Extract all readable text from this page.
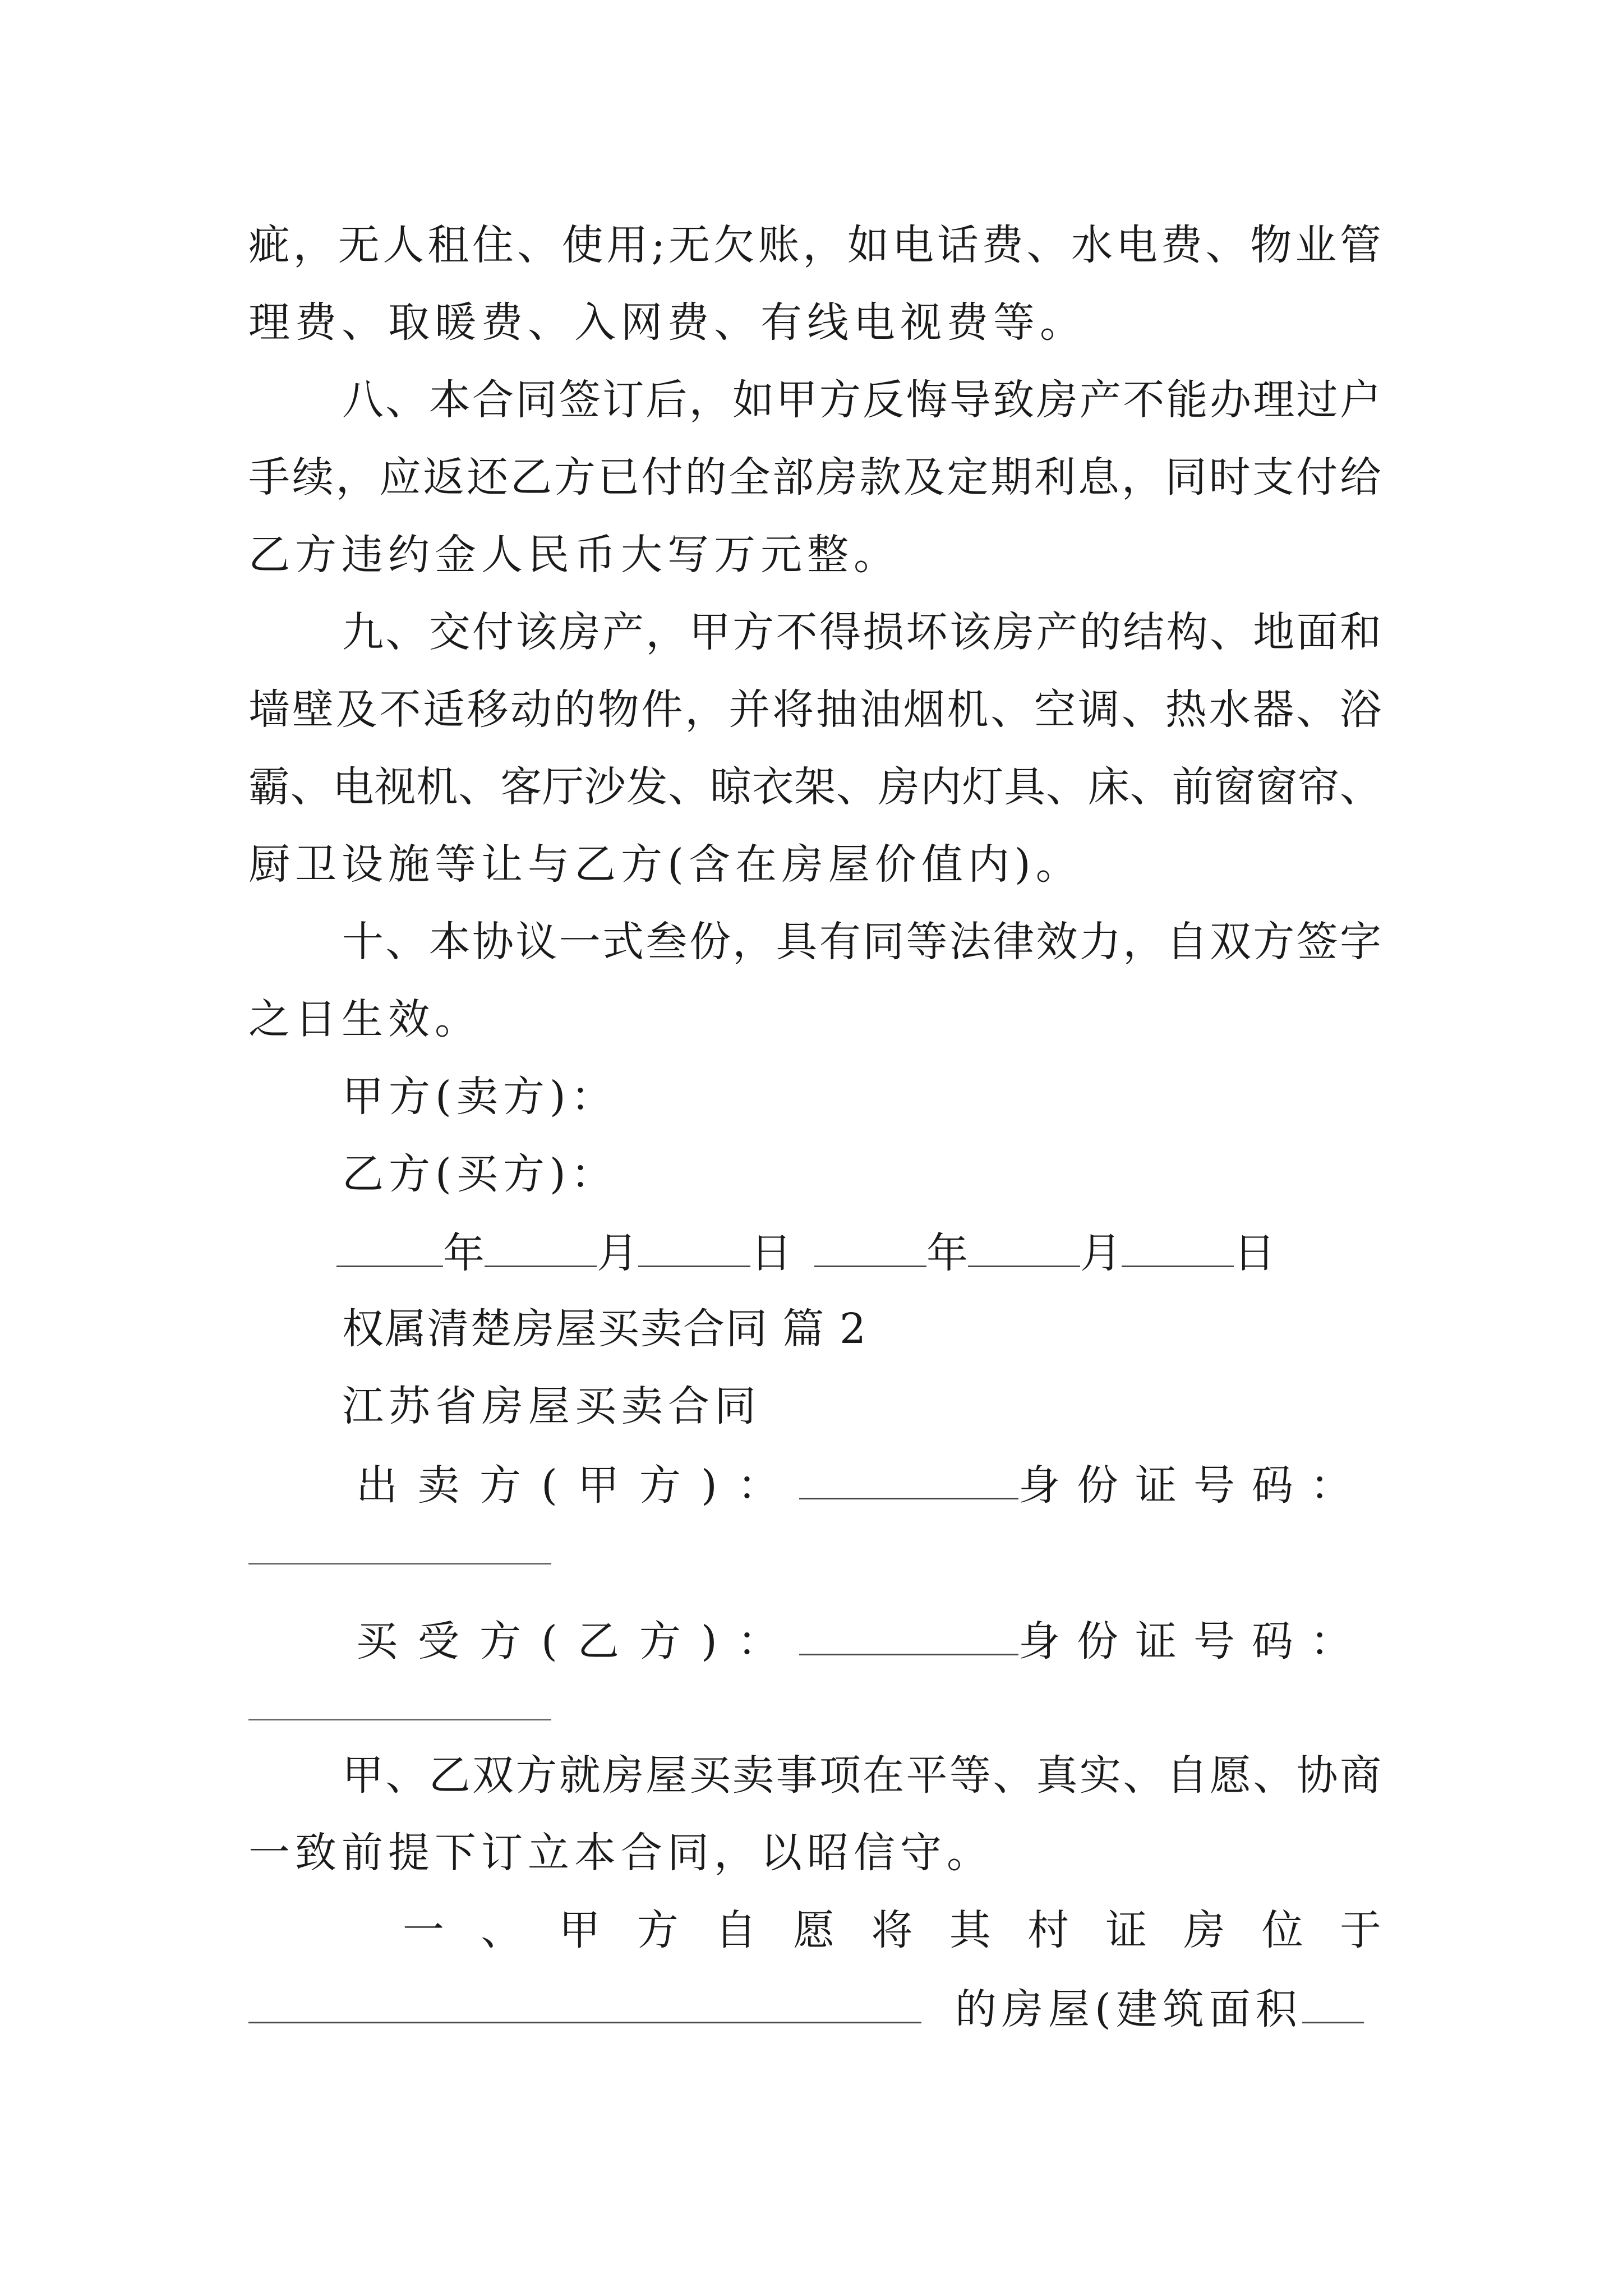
疵，无人租住、使用;无欠账，如电话费、水电费、物业管
理费、取暖费、入网费、有线电视费等。
八、本合同签订后，如甲方反悔导致房产不能办理过户
手续，应返还乙方已付的全部房款及定期利息，同时支付给
乙方违约金人民币大写万元整。
九、交付该房产，甲方不得损坏该房产的结构、地面和
墙壁及不适移动的物件，并将抽油烟机、空调、热水器、浴
霸、电视机、客厅沙发、晾衣架、房内灯具、床、前窗窗帘、
厨卫设施等让与乙方(含在房屋价值内)。
十、本协议一式叁份，具有同等法律效力，自双方签字
之日生效。
甲方(卖方)：
乙方(买方)：
年	月	日	年	月	日
权属清楚房屋买卖合同 篇 2
江苏省房屋买卖合同
出卖方(甲方)：	身份证号码：
买受方(乙方)：	身份证号码：
甲、乙双方就房屋买卖事项在平等、真实、自愿、协商
一致前提下订立本合同，以昭信守。
一、甲方自愿将其村证房位于
的房屋(建筑面积
